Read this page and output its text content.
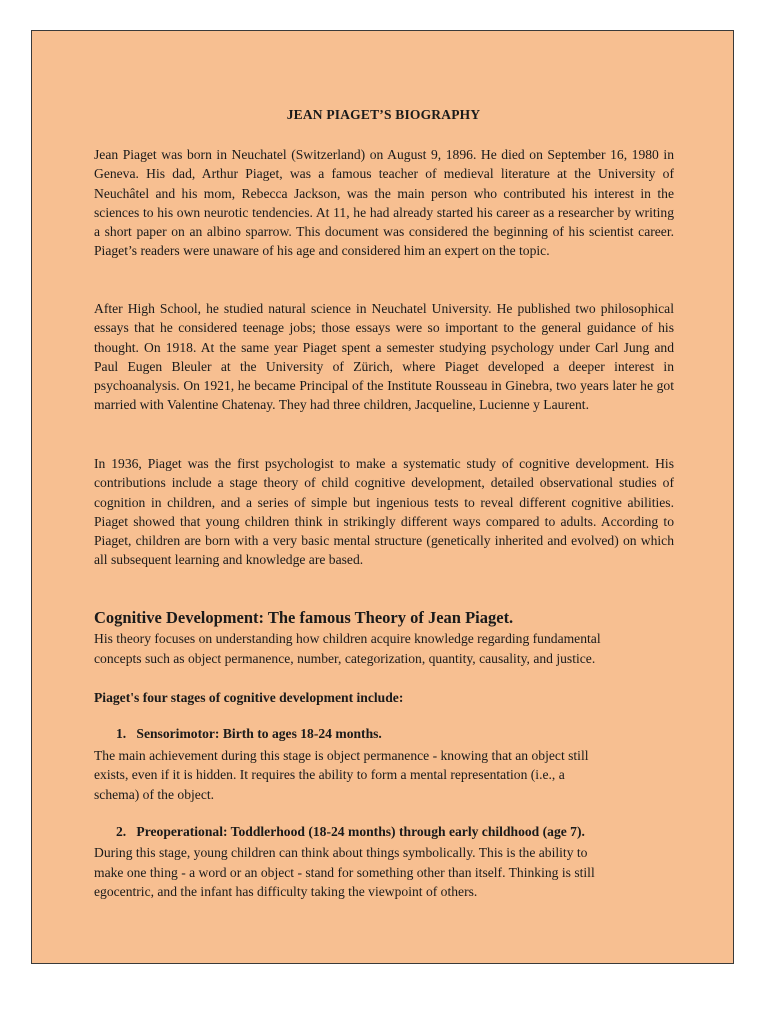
JEAN PIAGET’S BIOGRAPHY

Jean Piaget was born in Neuchatel (Switzerland) on August 9, 1896. He died on September 16, 1980 in Geneva. His dad, Arthur Piaget, was a famous teacher of medieval literature at the University of Neuchâtel and his mom, Rebecca Jackson, was the main person who contributed his interest in the sciences to his own neurotic tendencies. At 11, he had already started his career as a researcher by writing a short paper on an albino sparrow. This document was considered the beginning of his scientist career. Piaget’s readers were unaware of his age and considered him an expert on the topic.

After High School, he studied natural science in Neuchatel University. He published two philosophical essays that he considered teenage jobs; those essays were so important to the general guidance of his thought. On 1918. At the same year Piaget spent a semester studying psychology under Carl Jung and Paul Eugen Bleuler at the University of Zürich, where Piaget developed a deeper interest in psychoanalysis. On 1921, he became Principal of the Institute Rousseau in Ginebra, two years later he got married with Valentine Chatenay. They had three children, Jacqueline, Lucienne y Laurent.

In 1936, Piaget was the first psychologist to make a systematic study of cognitive development. His contributions include a stage theory of child cognitive development, detailed observational studies of cognition in children, and a series of simple but ingenious tests to reveal different cognitive abilities. Piaget showed that young children think in strikingly different ways compared to adults. According to Piaget, children are born with a very basic mental structure (genetically inherited and evolved) on which all subsequent learning and knowledge are based.

Cognitive Development: The famous Theory of Jean Piaget.
His theory focuses on understanding how children acquire knowledge regarding fundamental
concepts such as object permanence, number, categorization, quantity, causality, and justice.
Piaget's four stages of cognitive development include:
1. Sensorimotor: Birth to ages 18-24 months.
The main achievement during this stage is object permanence - knowing that an object still
exists, even if it is hidden. It requires the ability to form a mental representation (i.e., a
schema) of the object.
2. Preoperational: Toddlerhood (18-24 months) through early childhood (age 7).
During this stage, young children can think about things symbolically. This is the ability to
make one thing - a word or an object - stand for something other than itself. Thinking is still
egocentric, and the infant has difficulty taking the viewpoint of others.
